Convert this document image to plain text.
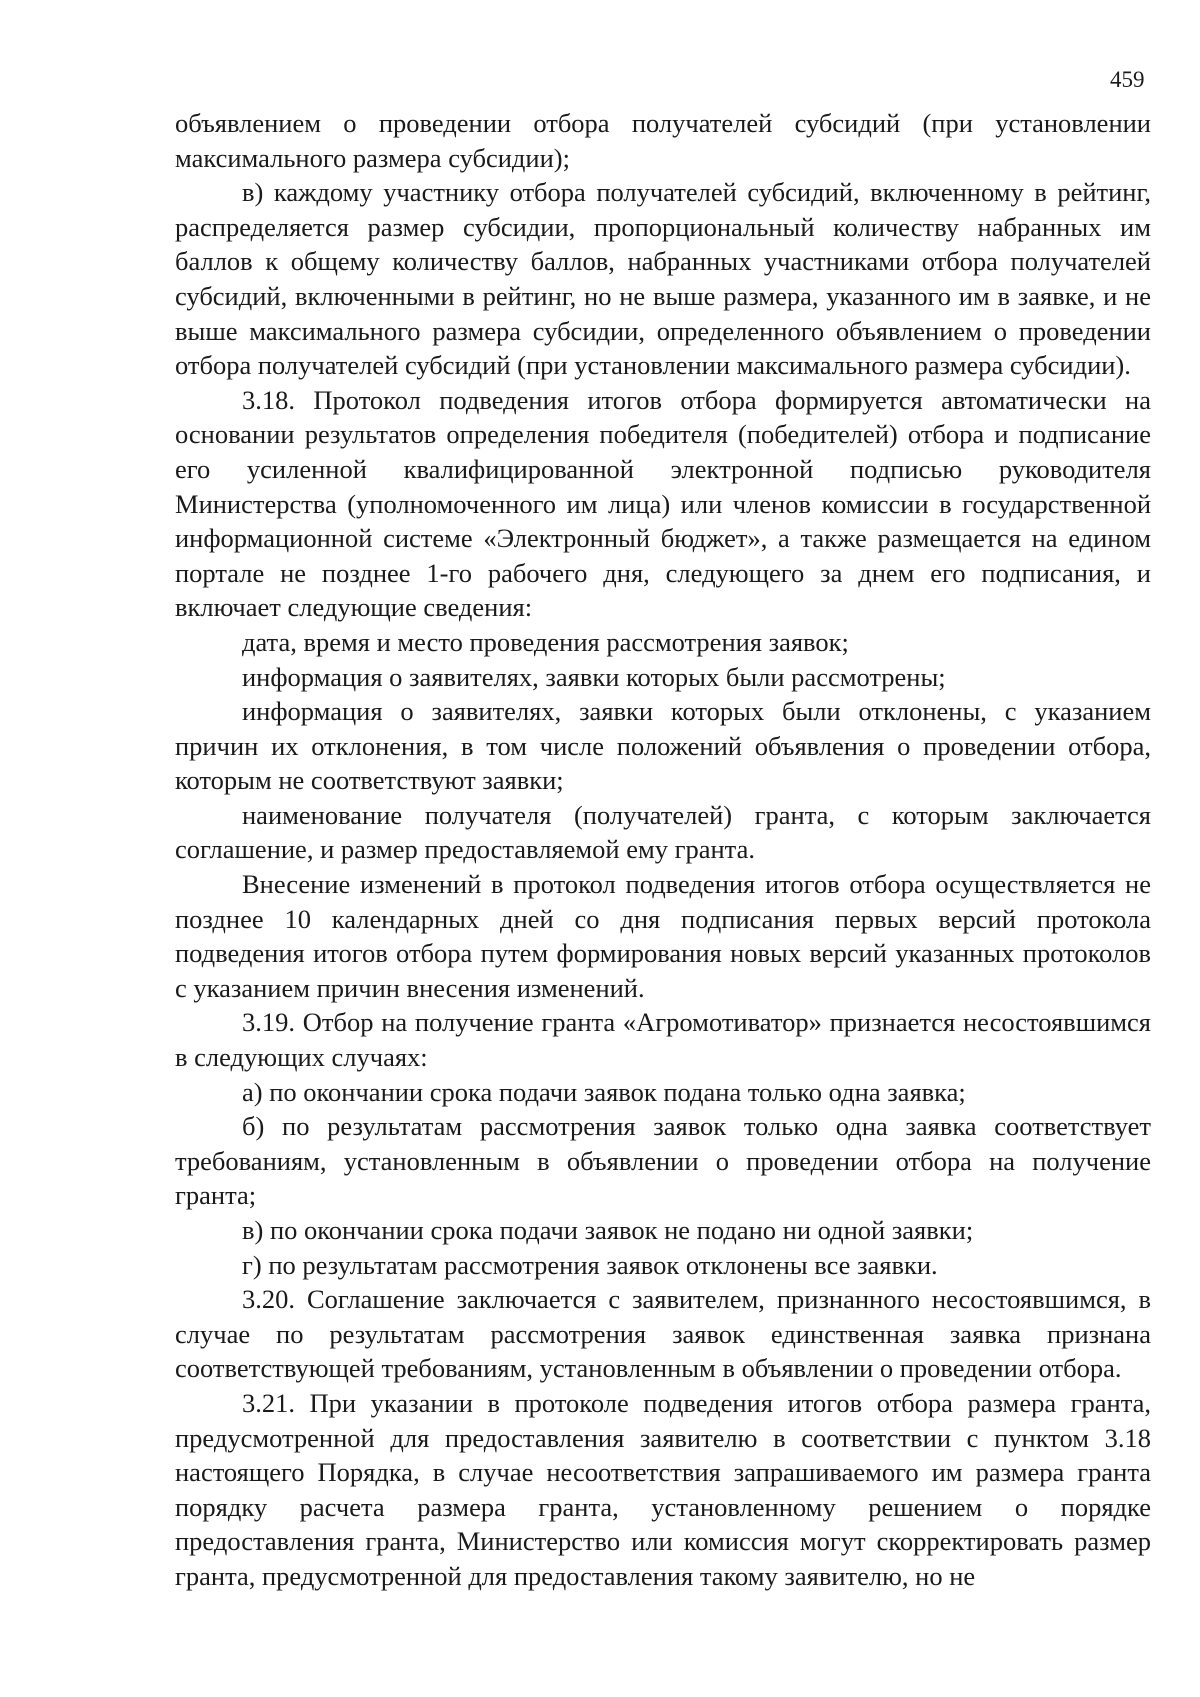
459

объявлением о проведении отбора получателей субсидий (при установлении максимального размера субсидии);

в) каждому участнику отбора получателей субсидий, включенному в рейтинг, распределяется размер субсидии, пропорциональный количеству набранных им баллов к общему количеству баллов, набранных участниками отбора получателей субсидий, включенными в рейтинг, но не выше размера, указанного им в заявке, и не выше максимального размера субсидии, определенного объявлением о проведении отбора получателей субсидий (при установлении максимального размера субсидии).

3.18. Протокол подведения итогов отбора формируется автоматически на основании результатов определения победителя (победителей) отбора и подписание его усиленной квалифицированной электронной подписью руководителя Министерства (уполномоченного им лица) или членов комиссии в государственной информационной системе «Электронный бюджет», а также размещается на едином портале не позднее 1-го рабочего дня, следующего за днем его подписания, и включает следующие сведения:

дата, время и место проведения рассмотрения заявок;

информация о заявителях, заявки которых были рассмотрены;

информация о заявителях, заявки которых были отклонены, с указанием причин их отклонения, в том числе положений объявления о проведении отбора, которым не соответствуют заявки;

наименование получателя (получателей) гранта, с которым заключается соглашение, и размер предоставляемой ему гранта.

Внесение изменений в протокол подведения итогов отбора осуществляется не позднее 10 календарных дней со дня подписания первых версий протокола подведения итогов отбора путем формирования новых версий указанных протоколов с указанием причин внесения изменений.

3.19. Отбор на получение гранта «Агромотиватор» признается несостоявшимся в следующих случаях:

а) по окончании срока подачи заявок подана только одна заявка;

б) по результатам рассмотрения заявок только одна заявка соответствует требованиям, установленным в объявлении о проведении отбора на получение гранта;

в) по окончании срока подачи заявок не подано ни одной заявки;

г) по результатам рассмотрения заявок отклонены все заявки.

3.20. Соглашение заключается с заявителем, признанного несостоявшимся, в случае по результатам рассмотрения заявок единственная заявка признана соответствующей требованиям, установленным в объявлении о проведении отбора.

3.21. При указании в протоколе подведения итогов отбора размера гранта, предусмотренной для предоставления заявителю в соответствии с пунктом 3.18 настоящего Порядка, в случае несоответствия запрашиваемого им размера гранта порядку расчета размера гранта, установленному решением о порядке предоставления гранта, Министерство или комиссия могут скорректировать размер гранта, предусмотренной для предоставления такому заявителю, но не
